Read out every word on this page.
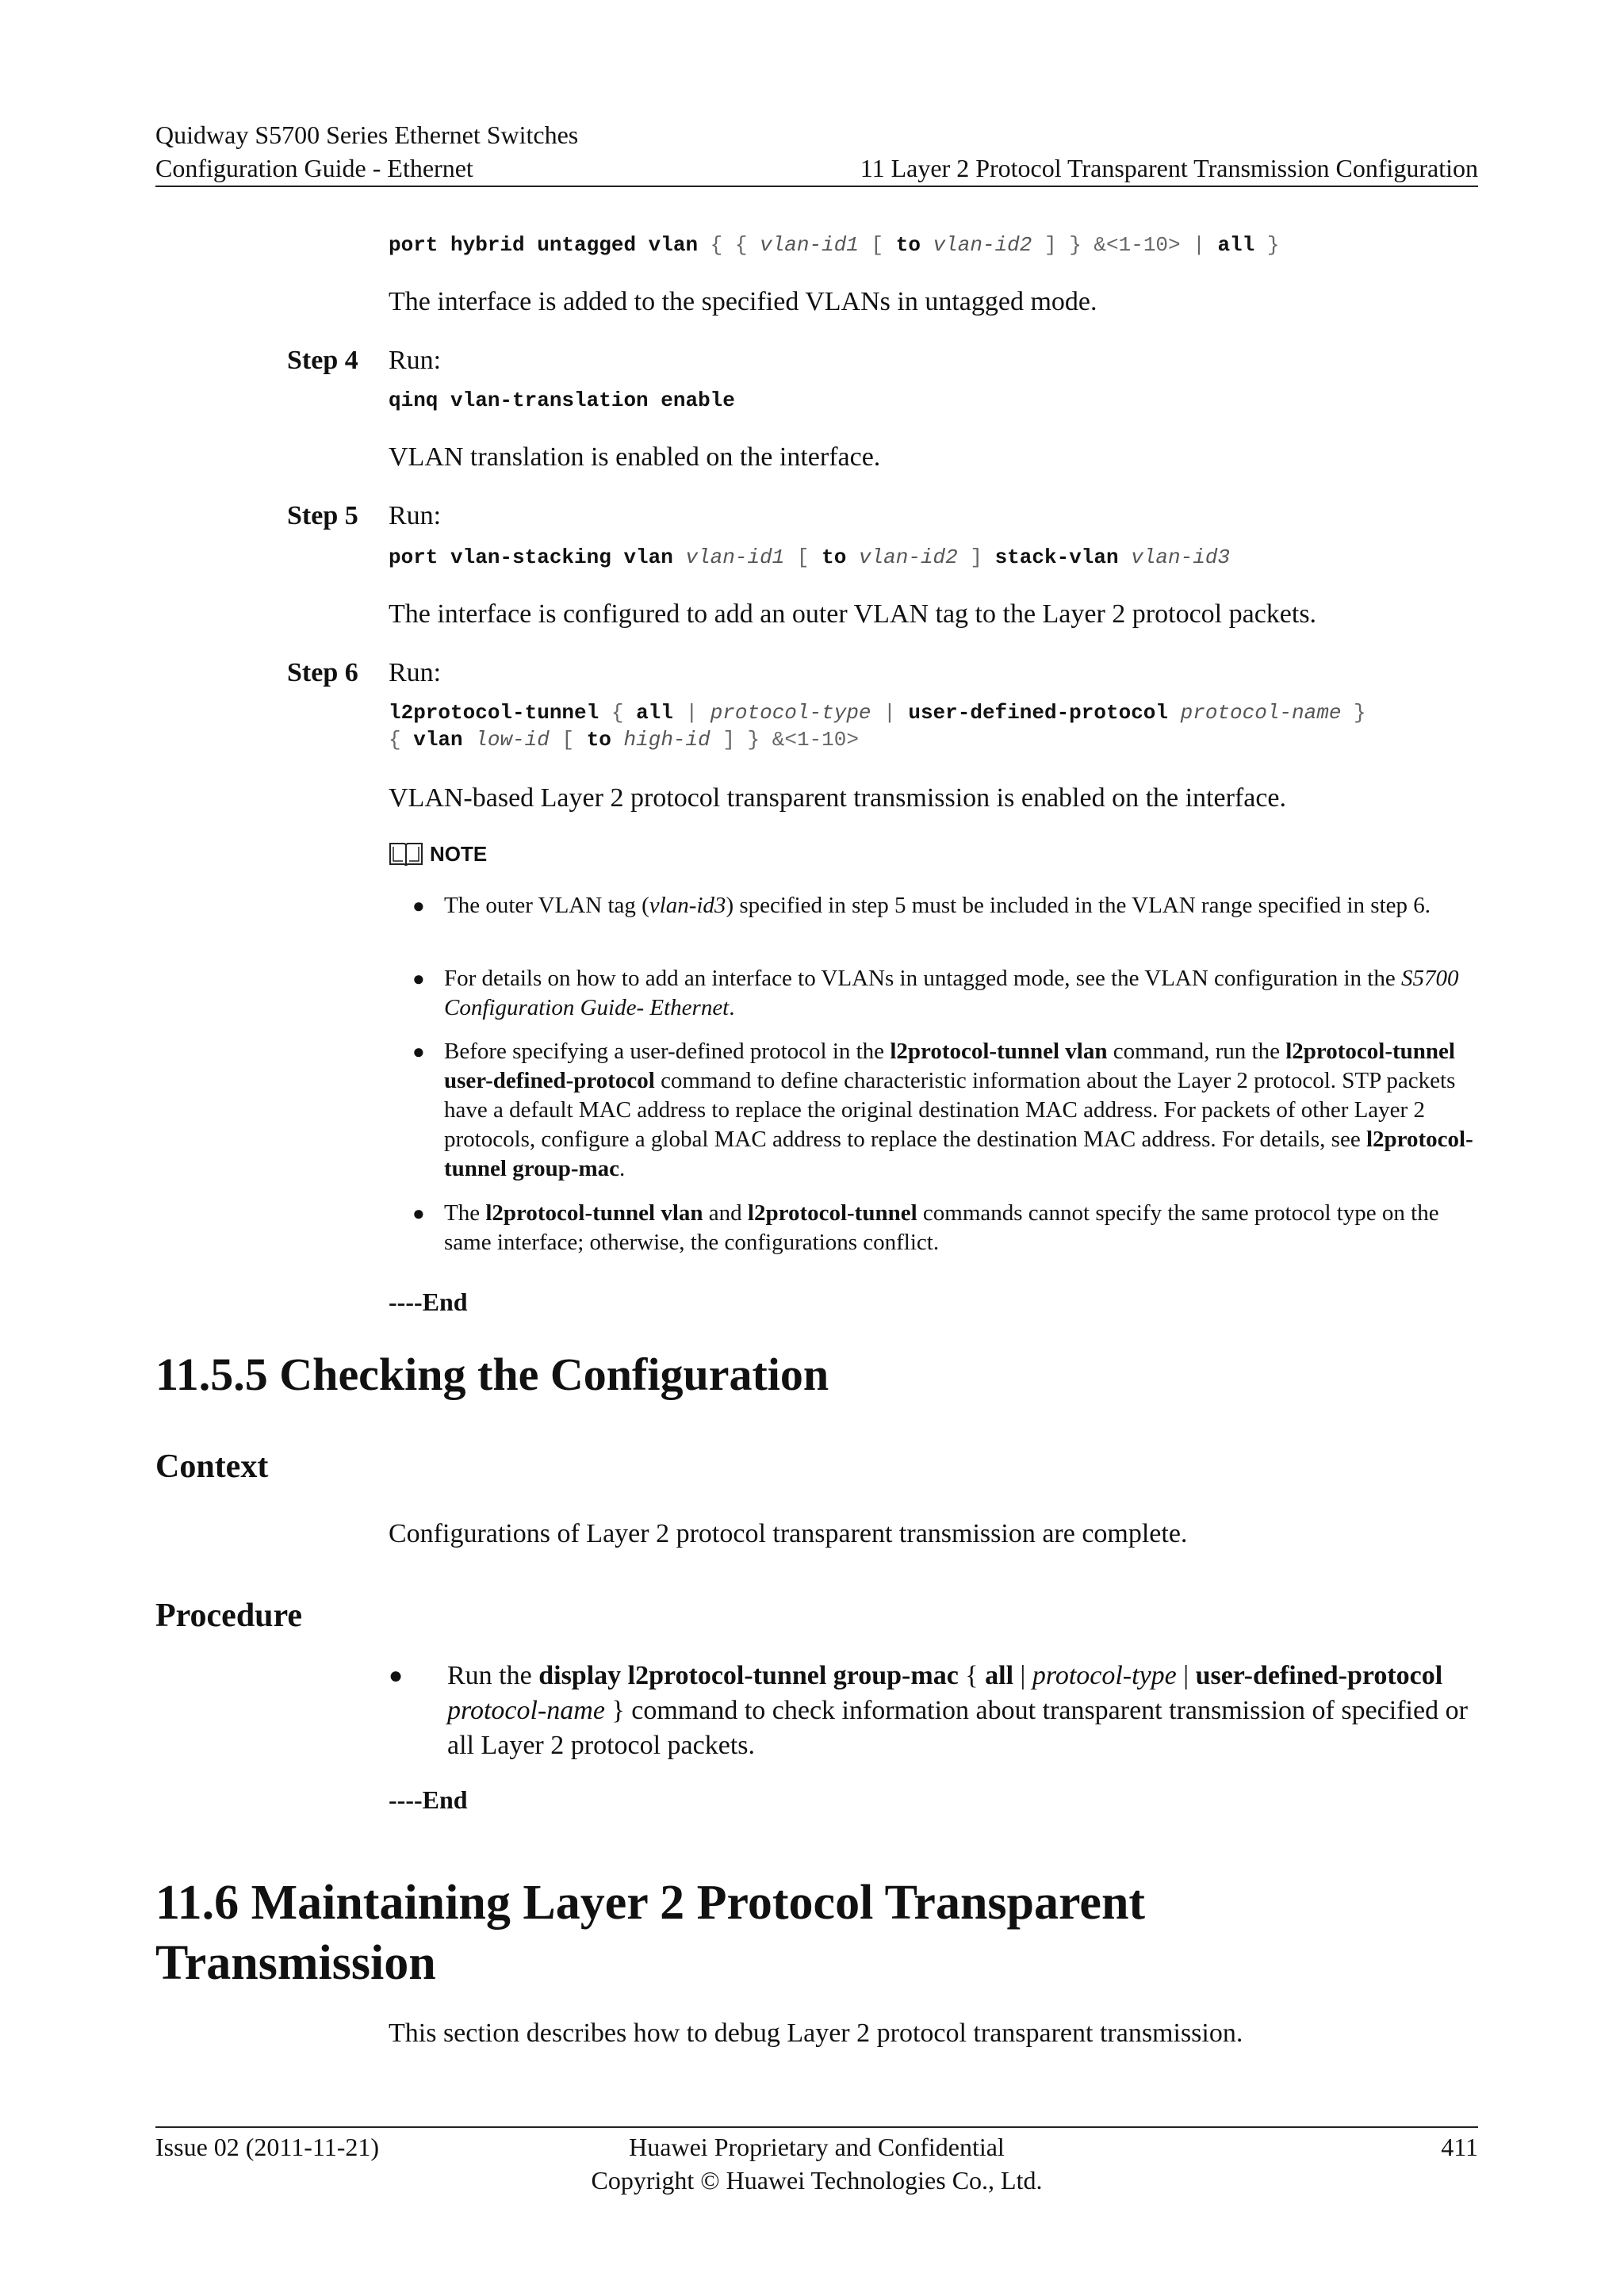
Quidway S5700 Series Ethernet Switches
Configuration Guide - Ethernet	11 Layer 2 Protocol Transparent Transmission Configuration
port hybrid untagged vlan { { vlan-id1 [ to vlan-id2 ] } &<1-10> | all }
The interface is added to the specified VLANs in untagged mode.
Step 4 Run:
qinq vlan-translation enable
VLAN translation is enabled on the interface.
Step 5 Run:
port vlan-stacking vlan vlan-id1 [ to vlan-id2 ] stack-vlan vlan-id3
The interface is configured to add an outer VLAN tag to the Layer 2 protocol packets.
Step 6 Run:
l2protocol-tunnel { all | protocol-type | user-defined-protocol protocol-name }
{ vlan low-id [ to high-id ] } &<1-10>
VLAN-based Layer 2 protocol transparent transmission is enabled on the interface.
NOTE
● The outer VLAN tag (vlan-id3) specified in step 5 must be included in the VLAN range specified in step 6.
● For details on how to add an interface to VLANs in untagged mode, see the VLAN configuration in the S5700 Configuration Guide- Ethernet.
● Before specifying a user-defined protocol in the l2protocol-tunnel vlan command, run the l2protocol-tunnel user-defined-protocol command to define characteristic information about the Layer 2 protocol. STP packets have a default MAC address to replace the original destination MAC address. For packets of other Layer 2 protocols, configure a global MAC address to replace the destination MAC address. For details, see l2protocol-tunnel group-mac.
● The l2protocol-tunnel vlan and l2protocol-tunnel commands cannot specify the same protocol type on the same interface; otherwise, the configurations conflict.
----End
11.5.5 Checking the Configuration
Context
Configurations of Layer 2 protocol transparent transmission are complete.
Procedure
● Run the display l2protocol-tunnel group-mac { all | protocol-type | user-defined-protocol protocol-name } command to check information about transparent transmission of specified or all Layer 2 protocol packets.
----End
11.6 Maintaining Layer 2 Protocol Transparent
Transmission
This section describes how to debug Layer 2 protocol transparent transmission.
Issue 02 (2011-11-21)	Huawei Proprietary and Confidential
Copyright © Huawei Technologies Co., Ltd.
411
